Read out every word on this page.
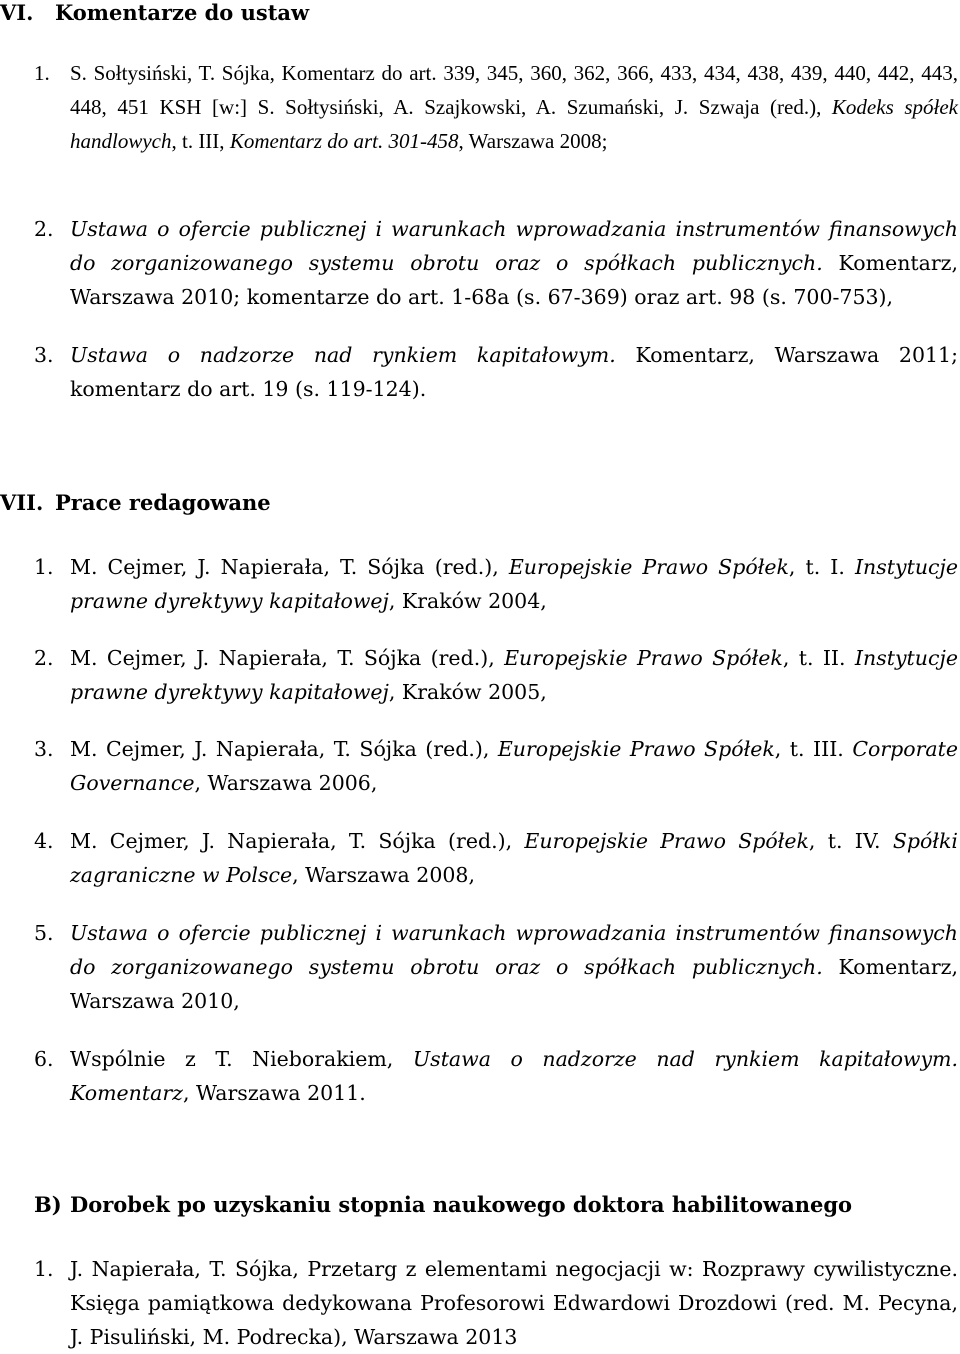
VI. Komentarze do ustaw
1. S. Sołtysiński, T. Sójka, Komentarz do art. 339, 345, 360, 362, 366, 433, 434, 438, 439, 440, 442, 443, 448, 451 KSH [w:] S. Sołtysiński, A. Szajkowski, A. Szumański, J. Szwaja (red.), Kodeks spółek handlowych, t. III, Komentarz do art. 301-458, Warszawa 2008;
2. Ustawa o ofercie publicznej i warunkach wprowadzania instrumentów finansowych do zorganizowanego systemu obrotu oraz o spółkach publicznych. Komentarz, Warszawa 2010; komentarze do art. 1-68a (s. 67-369) oraz art. 98 (s. 700-753),
3. Ustawa o nadzorze nad rynkiem kapitałowym. Komentarz, Warszawa 2011; komentarz do art. 19 (s. 119-124).
VII. Prace redagowane
1. M. Cejmer, J. Napierała, T. Sójka (red.), Europejskie Prawo Spółek, t. I. Instytucje prawne dyrektywy kapitałowej, Kraków 2004,
2. M. Cejmer, J. Napierała, T. Sójka (red.), Europejskie Prawo Spółek, t. II. Instytucje prawne dyrektywy kapitałowej, Kraków 2005,
3. M. Cejmer, J. Napierała, T. Sójka (red.), Europejskie Prawo Spółek, t. III. Corporate Governance, Warszawa 2006,
4. M. Cejmer, J. Napierała, T. Sójka (red.), Europejskie Prawo Spółek, t. IV. Spółki zagraniczne w Polsce, Warszawa 2008,
5. Ustawa o ofercie publicznej i warunkach wprowadzania instrumentów finansowych do zorganizowanego systemu obrotu oraz o spółkach publicznych. Komentarz, Warszawa 2010,
6. Wspólnie z T. Nieborakiem, Ustawa o nadzorze nad rynkiem kapitałowym. Komentarz, Warszawa 2011.
B) Dorobek po uzyskaniu stopnia naukowego doktora habilitowanego
1. J. Napierała, T. Sójka, Przetarg z elementami negocjacji w: Rozprawy cywilistyczne. Księga pamiątkowa dedykowana Profesorowi Edwardowi Drozdowi (red. M. Pecyna, J. Pisuliński, M. Podrecka), Warszawa 2013
